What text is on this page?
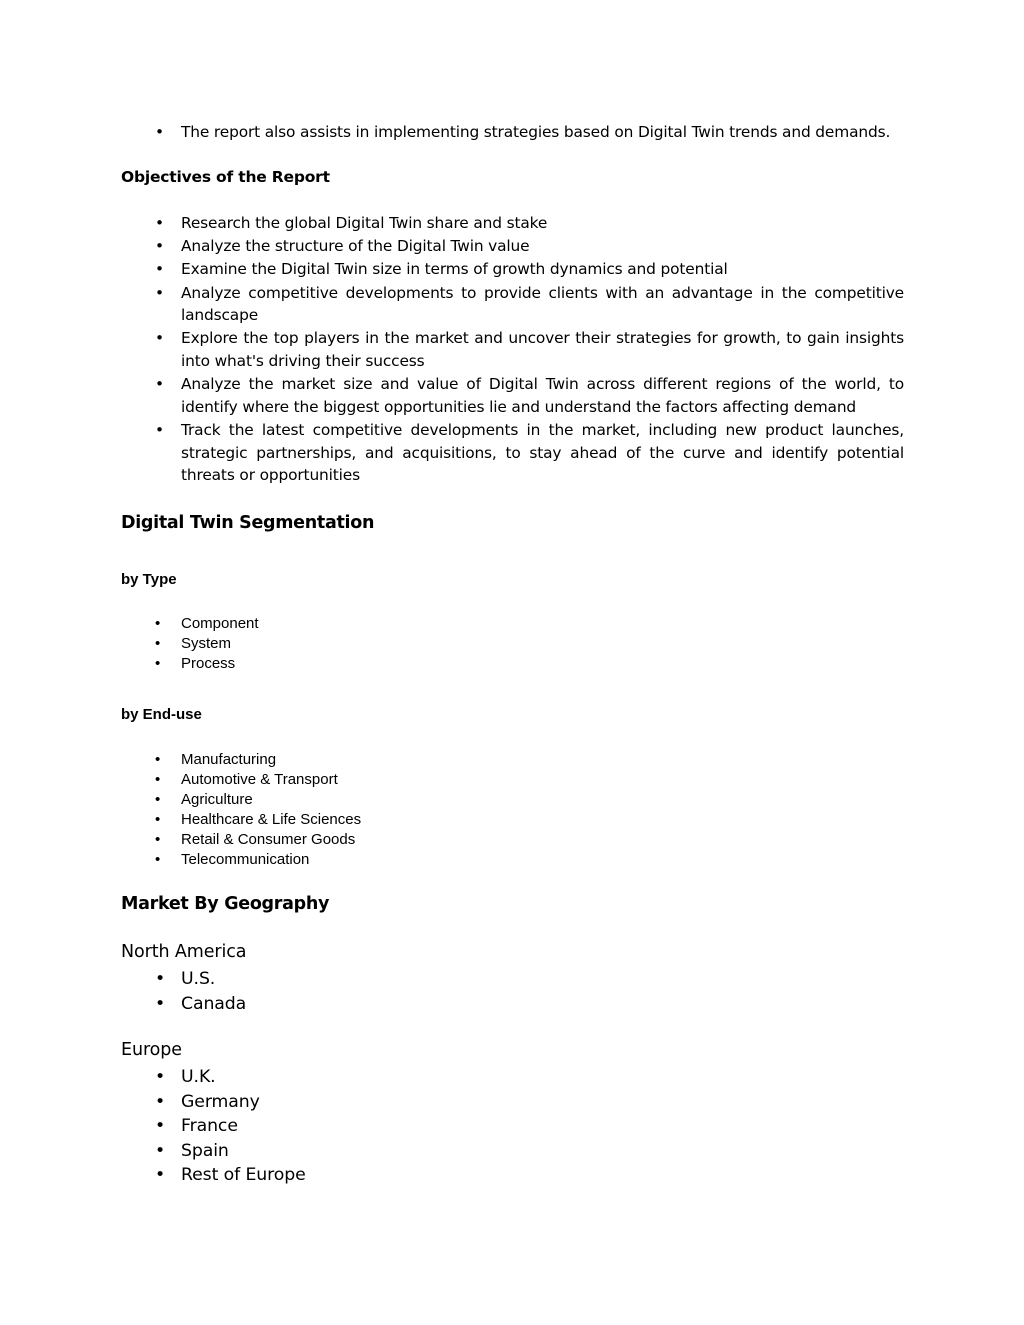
• The report also assists in implementing strategies based on Digital Twin trends and demands.
Objectives of the Report
• Research the global Digital Twin share and stake
• Analyze the structure of the Digital Twin value
• Examine the Digital Twin size in terms of growth dynamics and potential
• Analyze competitive developments to provide clients with an advantage in the competitive landscape
• Explore the top players in the market and uncover their strategies for growth, to gain insights into what's driving their success
• Analyze the market size and value of Digital Twin across different regions of the world, to identify where the biggest opportunities lie and understand the factors affecting demand
• Track the latest competitive developments in the market, including new product launches, strategic partnerships, and acquisitions, to stay ahead of the curve and identify potential threats or opportunities
Digital Twin Segmentation
by Type
• Component
• System
• Process
by End-use
• Manufacturing
• Automotive & Transport
• Agriculture
• Healthcare & Life Sciences
• Retail & Consumer Goods
• Telecommunication
Market By Geography
North America
• U.S.
• Canada
Europe
• U.K.
• Germany
• France
• Spain
• Rest of Europe
